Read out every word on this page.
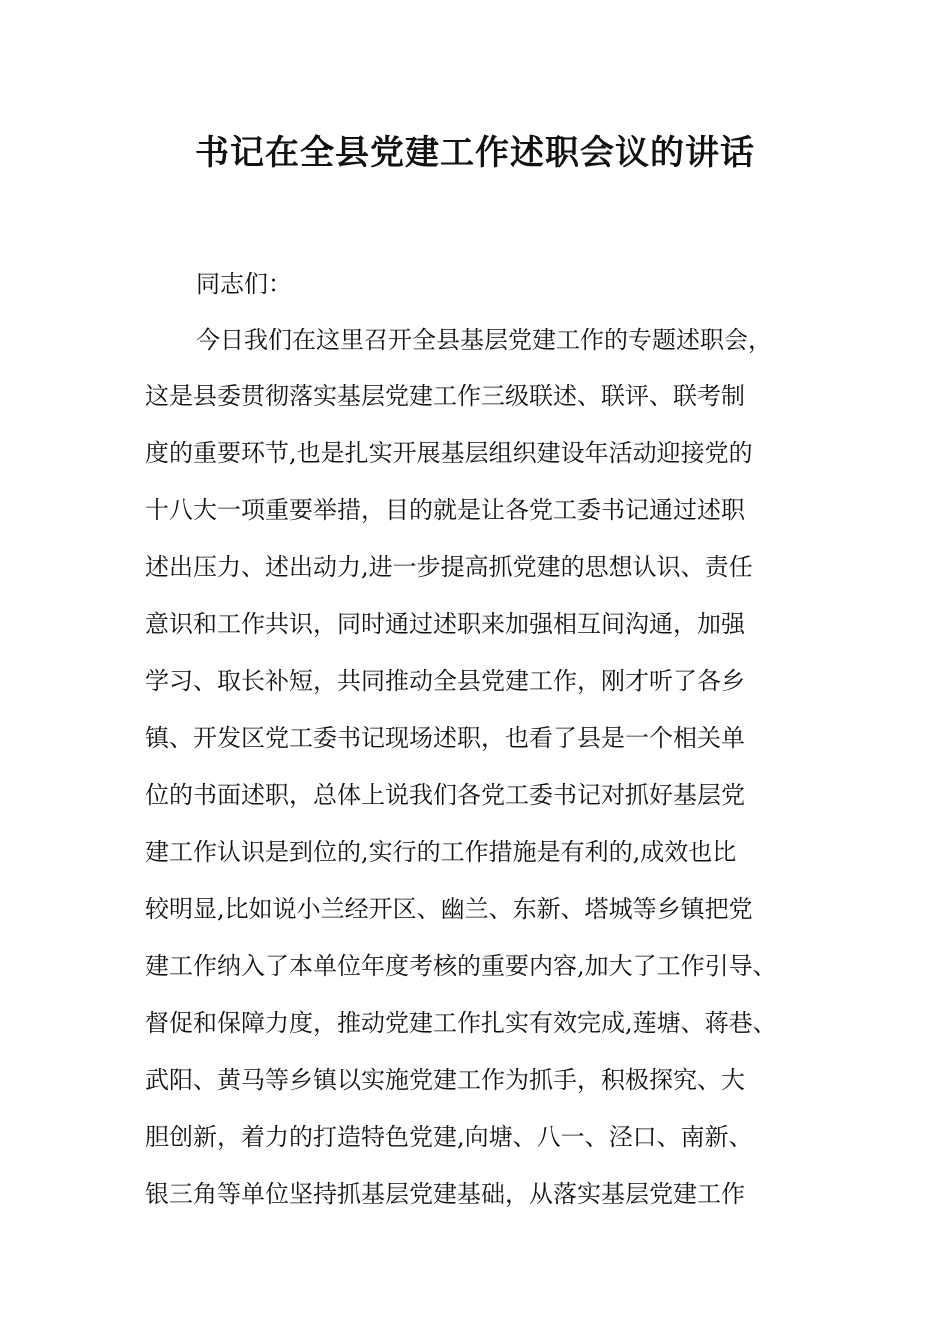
书记在全县党建工作述职会议的讲话
同志们：
今日我们在这里召开全县基层党建工作的专题述职会，
这是县委贯彻落实基层党建工作三级联述、联评、联考制
度的重要环节,也是扎实开展基层组织建设年活动迎接党的
十八大一项重要举措，目的就是让各党工委书记通过述职
述出压力、述出动力,进一步提高抓党建的思想认识、责任
意识和工作共识，同时通过述职来加强相互间沟通，加强
学习、取长补短，共同推动全县党建工作，刚才听了各乡
镇、开发区党工委书记现场述职，也看了县是一个相关单
位的书面述职，总体上说我们各党工委书记对抓好基层党
建工作认识是到位的,实行的工作措施是有利的,成效也比
较明显,比如说小兰经开区、幽兰、东新、塔城等乡镇把党
建工作纳入了本单位年度考核的重要内容,加大了工作引导、
督促和保障力度，推动党建工作扎实有效完成,莲塘、蒋巷、
武阳、黄马等乡镇以实施党建工作为抓手，积极探究、大
胆创新，着力的打造特色党建,向塘、八一、泾口、南新、
银三角等单位坚持抓基层党建基础，从落实基层党建工作
